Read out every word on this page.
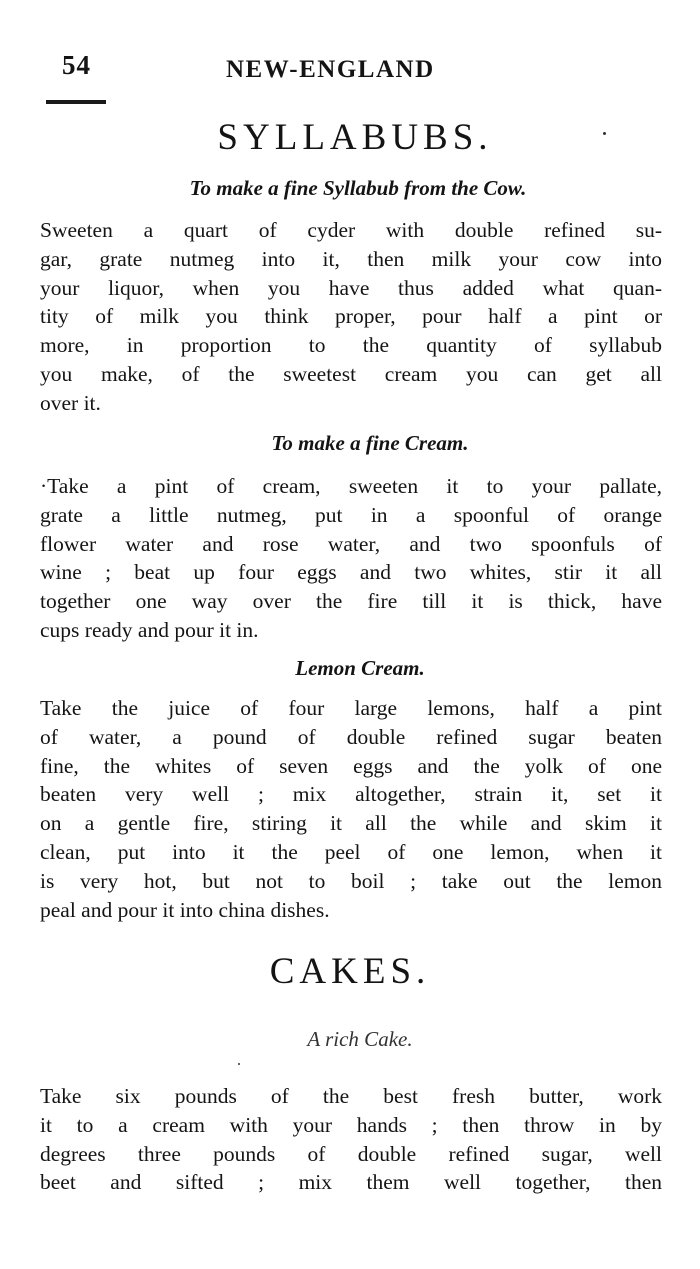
54	NEW-ENGLAND
SYLLABUBS.
To make a fine Syllabub from the Cow.

Sweeten a quart of cyder with double refined su-
gar, grate nutmeg into it, then milk your cow into
your liquor, when you have thus added what quan-
tity of milk you think proper, pour half a pint or
more, in proportion to the quantity of syllabub
you make, of the sweetest cream you can get all
over it.

To make a fine Cream.

·Take a pint of cream, sweeten it to your pallate,
grate a little nutmeg, put in a spoonful of orange
flower water and rose water, and two spoonfuls of
wine ; beat up four eggs and two whites, stir it all
together one way over the fire till it is thick, have
cups ready and pour it in.

Lemon Cream.

Take the juice of four large lemons, half a pint
of water, a pound of double refined sugar beaten
fine, the whites of seven eggs and the yolk of one
beaten very well ; mix altogether, strain it, set it
on a gentle fire, stiring it all the while and skim it
clean, put into it the peel of one lemon, when it
is very hot, but not to boil ; take out the lemon
peal and pour it into china dishes.

CAKES.
A rich Cake.

Take six pounds of the best fresh butter, work
it to a cream with your hands ; then throw in by
degrees three pounds of double refined sugar, well
beet and sifted ; mix them well together, then
